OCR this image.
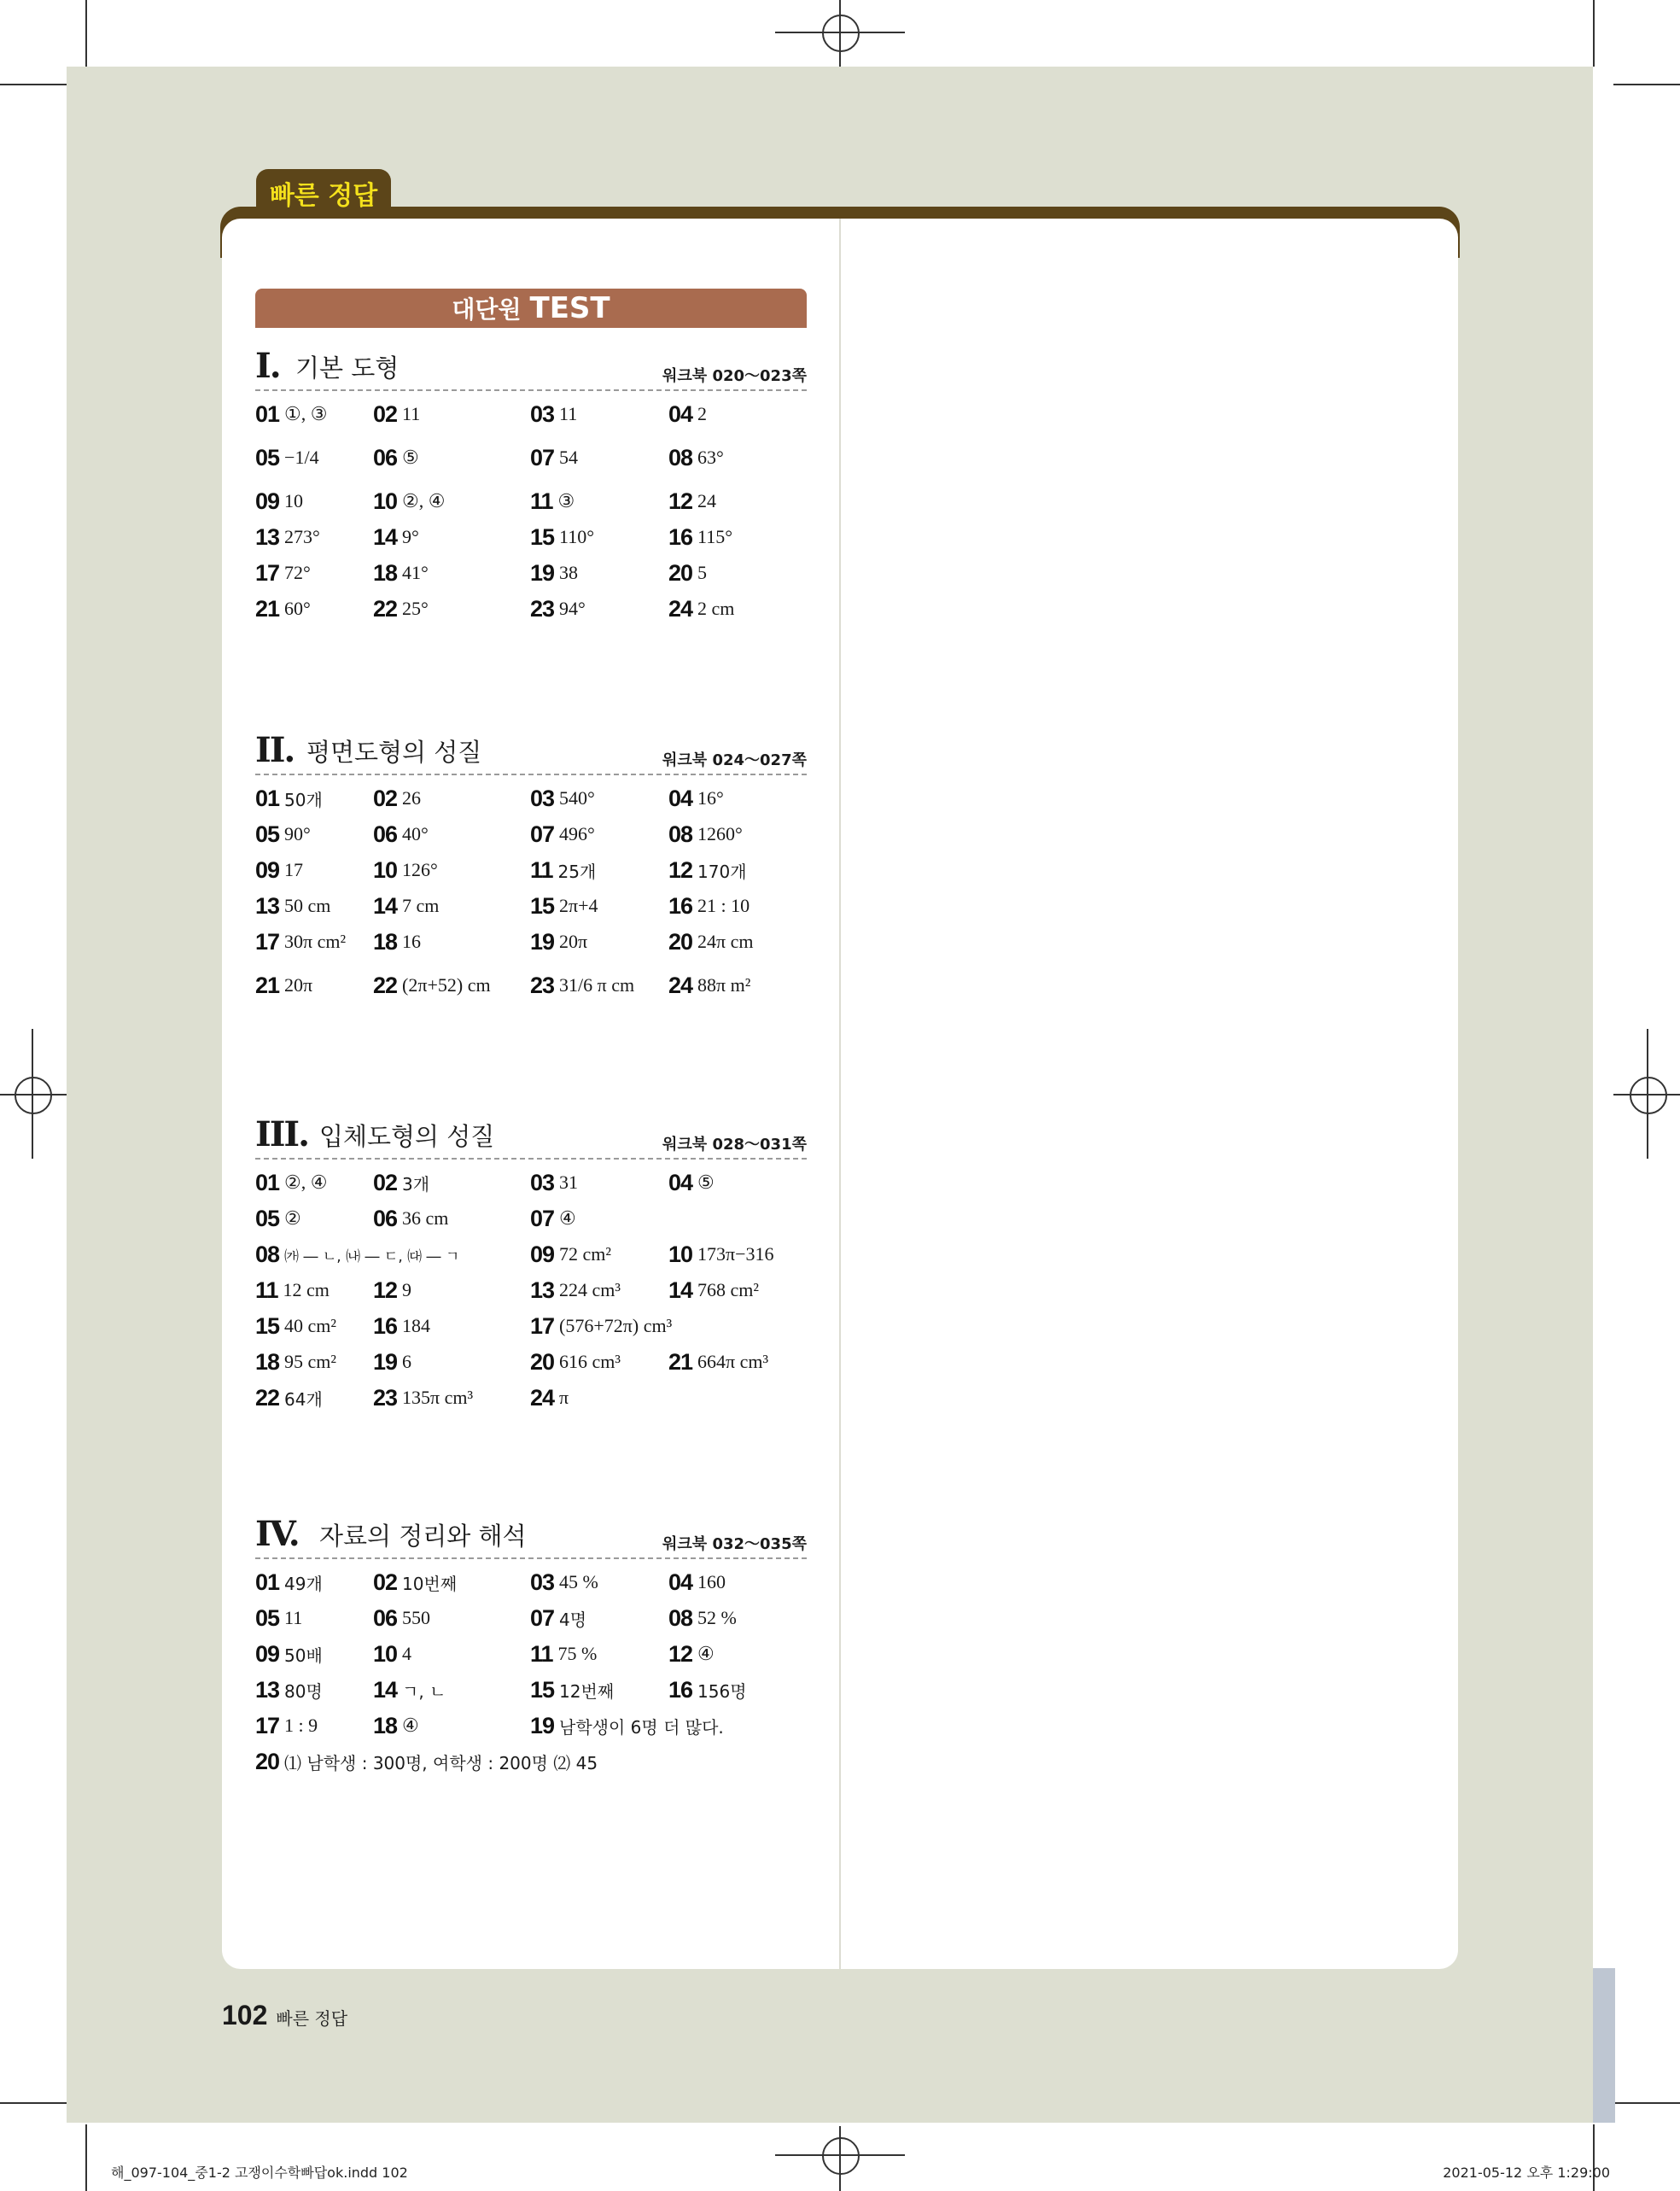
빠른 정답
대단원 TEST
I. 기본 도형	워크북 020～023쪽
01 ①, ③ 02 11	03 11	04 2
05 −1/4 06 ⑤	07 54	08 63°
09 10	10 ②, ④	11 ③	12 24
13 273° 14 9°	15 110°	16 115°
17 72°	18 41°	19 38	20 5
21 60°	22 25°	23 94°	24 2 cm
II. 평면도형의 성질	워크북 024～027쪽
01 50개 02 26	03 540°	04 16°
05 90°	06 40°	07 496°	08 1260°
09 17	10 126°	11 25개	12 170개
13 50 cm 14 7 cm	15 2π+4	16 21 : 10
17 30π cm² 18 16	19 20π	20 24π cm
21 20π	22 (2π+52) cm 23 31/6 π cm 24 88π m²
III. 입체도형의 성질	워크북 028～031쪽
01 ②, ④ 02 3개	03 31	04 ⑤
05 ②	06 36 cm	07 ④
08 ㈎ ― ㄴ, ㈏ ― ㄷ, ㈐ ― ㄱ	09 72 cm² 10 173π−316
11 12 cm 12 9	13 224 cm³ 14 768 cm²
15 40 cm² 16 184	17 (576+72π) cm³
18 95 cm² 19 6	20 616 cm³ 21 664π cm³
22 64개 23 135π cm³ 24 π
IV. 자료의 정리와 해석	워크북 032～035쪽
01 49개 02 10번째	03 45 %	04 160
05 11	06 550	07 4명	08 52 %
09 50배 10 4	11 75 %	12 ④
13 80명 14 ㄱ, ㄴ	15 12번째 16 156명
17 1 : 9 18 ④	19 남학생이 6명 더 많다.
20 ⑴ 남학생 : 300명, 여학생 : 200명 ⑵ 45
102 빠른 정답
해_097-104_중1-2 고쟁이수학빠답ok.indd 102	2021-05-12 오후 1:29:00
